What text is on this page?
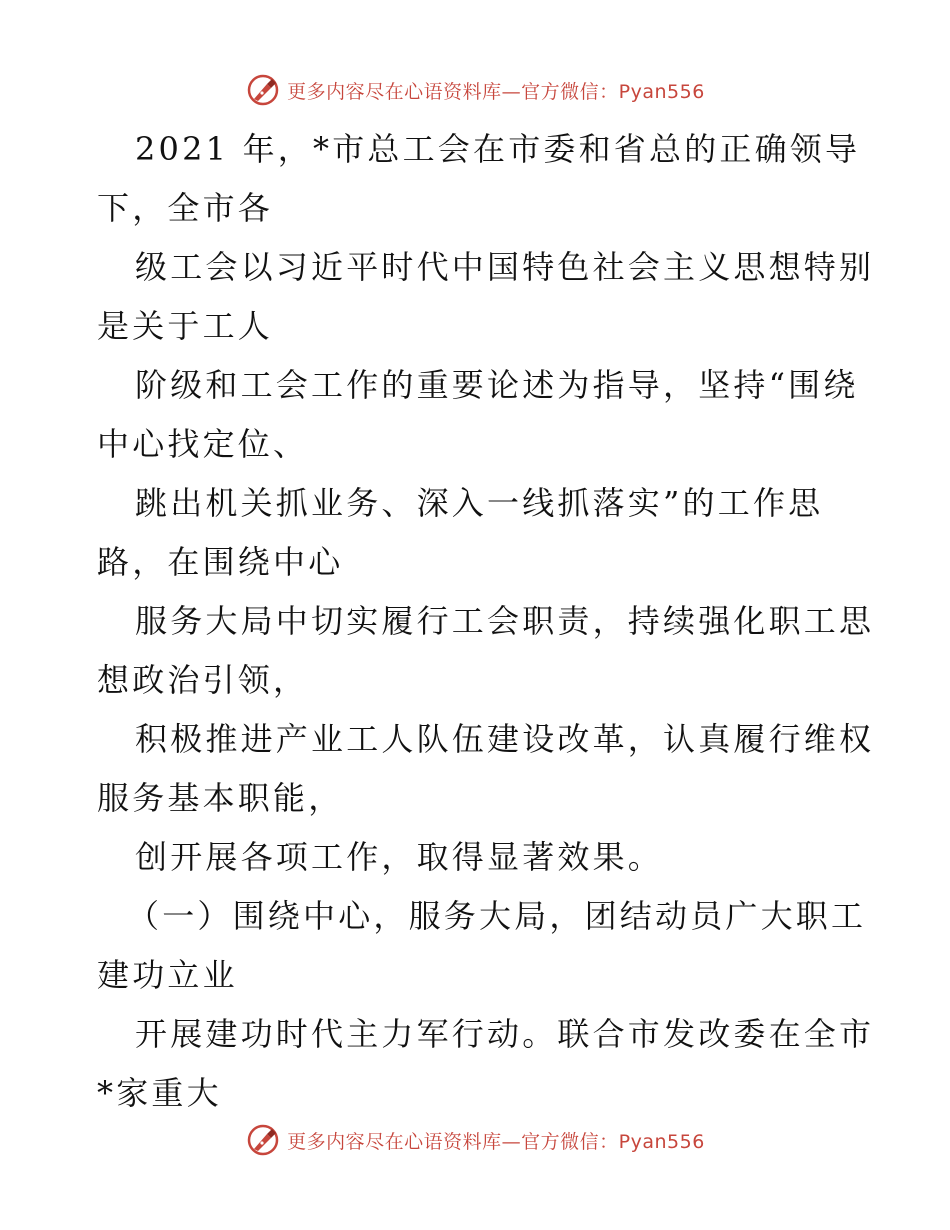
更多内容尽在心语资料库—官方微信：Pyan556
2021 年，*市总工会在市委和省总的正确领导
下，全市各
级工会以习近平时代中国特色社会主义思想特别
是关于工人
阶级和工会工作的重要论述为指导，坚持“围绕
中心找定位、
跳出机关抓业务、深入一线抓落实”的工作思
路，在围绕中心
服务大局中切实履行工会职责，持续强化职工思
想政治引领，
积极推进产业工人队伍建设改革，认真履行维权
服务基本职能，
创开展各项工作，取得显著效果。
（一）围绕中心，服务大局，团结动员广大职工
建功立业
开展建功时代主力军行动。联合市发改委在全市
*家重大
更多内容尽在心语资料库—官方微信：Pyan556
